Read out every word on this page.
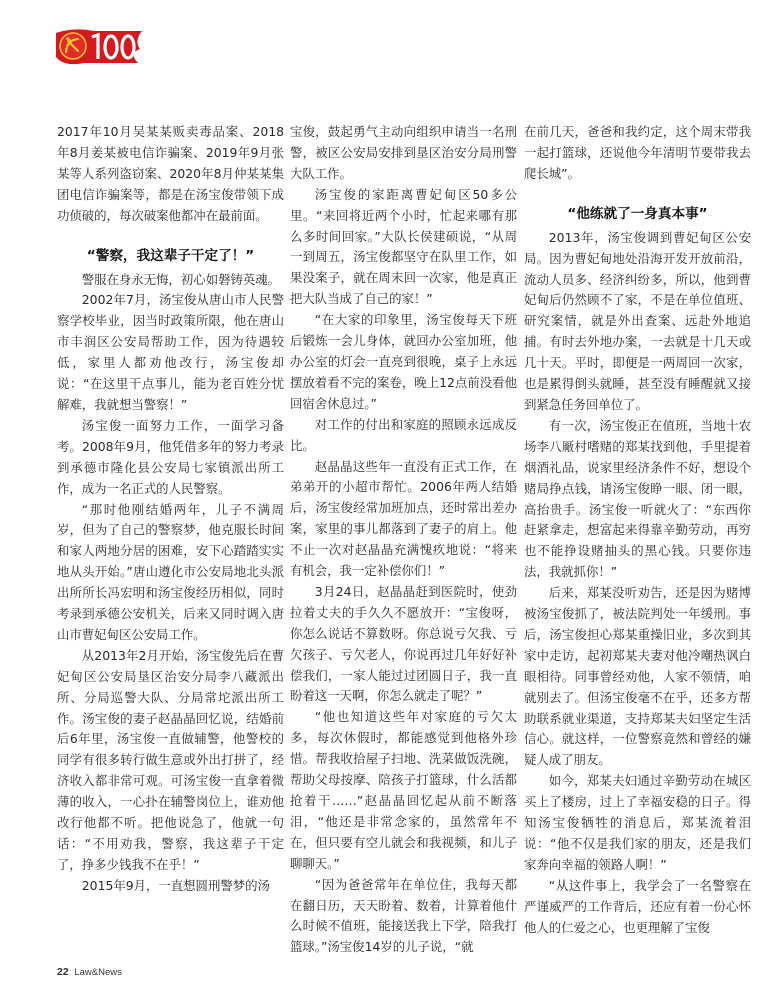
2017年10月吴某某贩卖毒品案、2018年8月姜某被电信诈骗案、2019年9月张某等人系列盗窃案、2020年8月仲某某集团电信诈骗案等，都是在汤宝俊带领下成功侦破的，每次破案他都冲在最前面。

“警察，我这辈子干定了！”

警服在身永无悔，初心如磐铸英魂。

2002年7月，汤宝俊从唐山市人民警察学校毕业，因当时政策所限，他在唐山市丰润区公安局帮助工作，因为待遇较低，家里人都劝他改行，汤宝俊却说：“在这里干点事儿，能为老百姓分忧解难，我就想当警察！”

汤宝俊一面努力工作，一面学习备考。2008年9月，他凭借多年的努力考录到承德市隆化县公安局七家镇派出所工作，成为一名正式的人民警察。

“那时他刚结婚两年，儿子不满周岁，但为了自己的警察梦，他克服长时间和家人两地分居的困难，安下心踏踏实实地从头开始。”唐山遵化市公安局地北头派出所所长冯宏明和汤宝俊经历相似，同时考录到承德公安机关，后来又同时调入唐山市曹妃甸区公安局工作。

从2013年2月开始，汤宝俊先后在曹妃甸区公安局垦区治安分局李八藏派出所、分局巡警大队、分局常坨派出所工作。汤宝俊的妻子赵晶晶回忆说，结婚前后6年里，汤宝俊一直做辅警，他警校的同学有很多转行做生意或外出打拼了，经济收入都非常可观。可汤宝俊一直拿着微薄的收入，一心扑在辅警岗位上，谁劝他改行他都不听。把他说急了，他就一句话：“不用劝我，警察，我这辈子干定了，挣多少钱我不在乎！”

2015年9月，一直想圆刑警梦的汤

宝俊，鼓起勇气主动向组织申请当一名刑警，被区公安局安排到垦区治安分局刑警大队工作。

汤宝俊的家距离曹妃甸区50多公里。“来回将近两个小时，忙起来哪有那么多时间回家。”大队长侯建硕说，“从周一到周五，汤宝俊都坚守在队里工作，如果没案子，就在周末回一次家，他是真正把大队当成了自己的家！”

“在大家的印象里，汤宝俊每天下班后锻炼一会儿身体，就回办公室加班，他办公室的灯会一直亮到很晚，桌子上永远摆放着看不完的案卷，晚上12点前没看他回宿舍休息过。”

对工作的付出和家庭的照顾永远成反比。

赵晶晶这些年一直没有正式工作，在弟弟开的小超市帮忙。2006年两人结婚后，汤宝俊经常加班加点，还时常出差办案，家里的事儿都落到了妻子的肩上。他不止一次对赵晶晶充满愧疚地说：“将来有机会，我一定补偿你们！”

3月24日，赵晶晶赶到医院时，使劲拉着丈夫的手久久不愿放开：“宝俊呀，你怎么说话不算数呀。你总说亏欠我、亏欠孩子、亏欠老人，你说再过几年好好补偿我们，一家人能过过团圆日子，我一直盼着这一天啊，你怎么就走了呢？”

“他也知道这些年对家庭的亏欠太多，每次休假时，都能感觉到他格外珍惜。帮我收拾屋子扫地、洗菜做饭洗碗，帮助父母按摩、陪孩子打篮球，什么活都抢着干……”赵晶晶回忆起从前不断落泪，“他还是非常念家的，虽然常年不在，但只要有空儿就会和我视频，和儿子聊聊天。”

“因为爸爸常年在单位住，我每天都在翻日历，天天盼着、数着，计算着他什么时候不值班，能接送我上下学，陪我打篮球。”汤宝俊14岁的儿子说，“就

在前几天，爸爸和我约定，这个周末带我一起打篮球，还说他今年清明节要带我去爬长城”。

“他练就了一身真本事”

2013年，汤宝俊调到曹妃甸区公安局。因为曹妃甸地处沿海开发开放前沿，流动人员多、经济纠纷多，所以，他到曹妃甸后仍然顾不了家，不是在单位值班、研究案情，就是外出查案、远赴外地追捕。有时去外地办案，一去就是十几天或几十天。平时，即便是一两周回一次家，也是累得倒头就睡，甚至没有睡醒就又接到紧急任务回单位了。

有一次，汤宝俊正在值班，当地十农场李八厰村嗜赌的郑某找到他，手里提着烟酒礼品，说家里经济条件不好，想设个赌局挣点钱，请汤宝俊睁一眼、闭一眼，高抬贵手。汤宝俊一听就火了：“东西你赶紧拿走，想富起来得靠辛勤劳动，再穷也不能挣设赌抽头的黑心钱。只要你违法，我就抓你！”

后来，郑某没听劝告，还是因为赌博被汤宝俊抓了，被法院判处一年缓刑。事后，汤宝俊担心郑某重操旧业，多次到其家中走访，起初郑某夫妻对他冷嘲热讽白眼相待。同事曾经劝他，人家不领情，咱就别去了。但汤宝俊毫不在乎，还多方帮助联系就业渠道，支持郑某夫妇坚定生活信心。就这样，一位警察竟然和曾经的嫌疑人成了朋友。

如今，郑某夫妇通过辛勤劳动在城区买上了楼房，过上了幸福安稳的日子。得知汤宝俊牺牲的消息后，郑某流着泪说：“他不仅是我们家的朋友，还是我们家奔向幸福的领路人啊！”

“从这件事上，我学会了一名警察在严谨威严的工作背后，还应有着一份心怀他人的仁爱之心，也更理解了宝俊

22 Law&News
